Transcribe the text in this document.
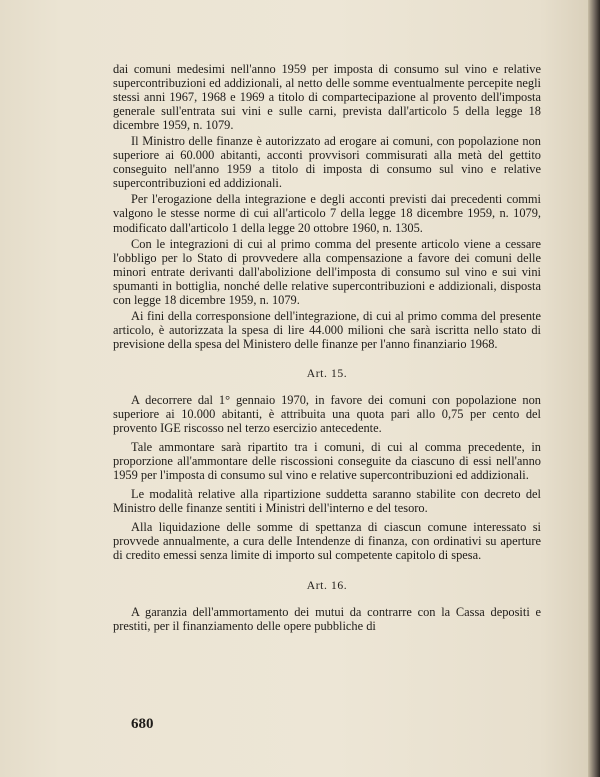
dai comuni medesimi nell'anno 1959 per imposta di consumo sul vino e relative supercontribuzioni ed addizionali, al netto delle somme eventualmente percepite negli stessi anni 1967, 1968 e 1969 a titolo di compartecipazione al provento dell'imposta generale sull'entrata sui vini e sulle carni, prevista dall'articolo 5 della legge 18 dicembre 1959, n. 1079.

Il Ministro delle finanze è autorizzato ad erogare ai comuni, con popolazione non superiore ai 60.000 abitanti, acconti provvisori commisurati alla metà del gettito conseguito nell'anno 1959 a titolo di imposta di consumo sul vino e relative supercontribuzioni ed addizionali.

Per l'erogazione della integrazione e degli acconti previsti dai precedenti commi valgono le stesse norme di cui all'articolo 7 della legge 18 dicembre 1959, n. 1079, modificato dall'articolo 1 della legge 20 ottobre 1960, n. 1305.

Con le integrazioni di cui al primo comma del presente articolo viene a cessare l'obbligo per lo Stato di provvedere alla compensazione a favore dei comuni delle minori entrate derivanti dall'abolizione dell'imposta di consumo sul vino e sui vini spumanti in bottiglia, nonché delle relative supercontribuzioni e addizionali, disposta con legge 18 dicembre 1959, n. 1079.

Ai fini della corresponsione dell'integrazione, di cui al primo comma del presente articolo, è autorizzata la spesa di lire 44.000 milioni che sarà iscritta nello stato di previsione della spesa del Ministero delle finanze per l'anno finanziario 1968.

Art. 15.

A decorrere dal 1° gennaio 1970, in favore dei comuni con popolazione non superiore ai 10.000 abitanti, è attribuita una quota pari allo 0,75 per cento del provento IGE riscosso nel terzo esercizio antecedente.

Tale ammontare sarà ripartito tra i comuni, di cui al comma precedente, in proporzione all'ammontare delle riscossioni conseguite da ciascuno di essi nell'anno 1959 per l'imposta di consumo sul vino e relative supercontribuzioni ed addizionali.

Le modalità relative alla ripartizione suddetta saranno stabilite con decreto del Ministro delle finanze sentiti i Ministri dell'interno e del tesoro.

Alla liquidazione delle somme di spettanza di ciascun comune interessato si provvede annualmente, a cura delle Intendenze di finanza, con ordinativi su aperture di credito emessi senza limite di importo sul competente capitolo di spesa.

Art. 16.

A garanzia dell'ammortamento dei mutui da contrarre con la Cassa depositi e prestiti, per il finanziamento delle opere pubbliche di

680
